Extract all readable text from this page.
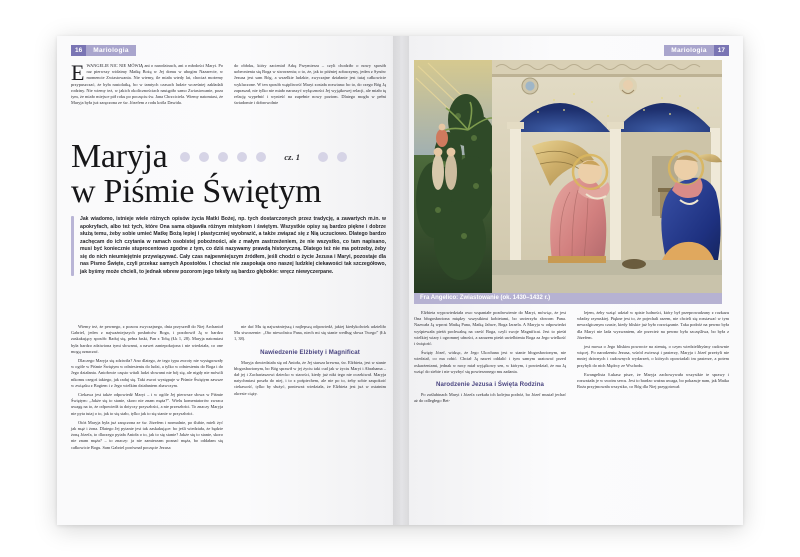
16	Mariologia

EWANGELIE NIC NIE MÓWIĄ ani o narodzinach, ani o młodości Maryi. Po raz pierwszy widzimy Matkę Bożą w Jej domu w ubogim Nazarecie, w momencie Zwiastowania. Nie wiemy, ile miała wtedy lat, chociaż możemy przypuszczać, że była nastolatką, bo w tamtych czasach ludzie wcześniej zakładali rodziny. Nie wiemy też, w jakich okolicznościach nastąpiło samo Zwiastowanie, poza tym, że miało miejsce pół roku po poczęciu św. Jana Chrzciciela. Wiemy natomiast, że Maryja była już zaręczona ze św. Józefem z rodu króla Dawida.

do obłoku, który zacieniał Arkę Przymierza – czyli chodziło o nowy sposób uobecnienia się Boga w stworzeniu; o to, że, jak to później zobaczymy, jeden z Synów Jezusa jest sam Bóg, a wszelkie ludzkie, zwyczajne działanie jest tutaj całkowicie wykluczone. W ten sposób wątpliwość Maryi została rozwiana: bo to, do czego Bóg Ją zapraszał, nie tylko nie miało naruszyć wyłączności Jej wyjątkowej relacji, ale miało tę relację wypełnić i wynieść na zupełnie nowy poziom. Dlatego mogła w pełni świadomie i dobrowolnie

Maryja	cz. 1
w Piśmie Świętym
Jak wiadomo, istnieje wiele różnych opisów życia Matki Bożej, np. tych dostarczonych przez tradycję, a zawartych m.in. w apokryfach, albo też tych, które Ona sama objawiła różnym mistykom i świętym. Wszystkie opisy są bardzo piękne i dobrze służą temu, żeby sobie umieć Matkę Bożą lepiej i plastyczniej wyobrazić, a także związać się z Nią uczuciowo. Dlatego bardzo zachęcam do ich czytania w ramach osobistej pobożności, ale z małym zastrzeżeniem, że nie wszystko, co tam napisano, musi być koniecznie stuprocentowo zgodne z tym, co dziś nazywamy prawdą historyczną. Dlatego też nie ma potrzeby, żeby się do nich nieumiejętnie przywiązywać. Cały czas najpewniejszym źródłem, jeśli chodzi o życie Jezusa i Maryi, pozostaje dla nas Pismo Święte, czyli przekaz samych Apostołów. I chociaż nie zaspokaja ono naszej ludzkiej ciekawości tak szczegółowo, jak byśmy może chcieli, to jednak wbrew pozorom jego teksty są bardzo głębokie: wręcz niewyczerpane.

Wiemy też, że pewnego, z pozoru zwyczajnego, dnia przyszedł do Niej Archanioł Gabriel, jeden z najważniejszych posłańców Boga, i pozdrowił Ją w bardzo zaskakujący sposób: Raduj się, pełna łaski, Pan z Tobą (Łk 1, 28). Maryja natomiast była bardzo zdziwiona tymi słowami, a nawet zaniepokojona i nie wiedziała, co one mogą oznaczać.

Dlaczego Maryja się zdziwiła? Ano dlatego, że tego typu zwroty nie występowały w ogóle w Piśmie Świętym w odniesieniu do ludzi, a tylko w odniesieniu do Boga i do Jego działania. Aniołowie często witali ludzi słowami nie bój się, ale nigdy nie mówili nikomu czegoś takiego, jak raduj się. Taki zwrot występuje w Piśmie Świętym zawsze w związku z Bogiem i z Jego wielkim działaniem zbawczym.

Ciekawa jest także odpowiedź Maryi – i w ogóle Jej pierwsze słowa w Piśmie Świętym: „Jakże się to stanie, skoro nie znam męża?”. Wielu komentatorów zwraca uwagę na to, że odpowiedź ta dotyczy przyszłości, a nie przeszłości. To znaczy Maryja nie pyta tutaj o to, jak to się stało, tylko jak to się stanie w przyszłości.

Otóż Maryja była już zaręczona ze św. Józefem i normalnie, po ślubie, mieli żyć jak mąż i żona. Dlatego Jej pytanie jest tak zaskakujące: bo jeśli wiedziała, że będzie żoną Józefa, to dlaczego pytała Anioła o to, jak to się stanie? Jakże się to stanie, skoro nie znam męża? – to znaczy: ja nie zamierzam poznać męża, bo oddałam się całkowicie Bogu. Sam Gabriel porównał poczęcie Jezusa

nie dać Mu tę najważniejszą i najlepszą odpowiedź, jakiej kiedykolwiek udzieliło Mu stworzenie: „Oto niewolnica Pana, niech mi się stanie według słowa Twego” (Łk 1, 38).

Nawiedzenie Elżbiety i Magnificat

Maryja dowiedziała się od Anioła, że Jej starsza krewna, św. Elżbieta, jest w stanie błogosławionym, bo Bóg sprawił w jej życiu taki cud jak w życiu Maryi i Abrahama – dał jej i Zachariaszowi dziecko w starości, kiedy już nikt tego nie oczekiwał. Maryja natychmiast poszła do niej, i to z pośpiechem, ale nie po to, żeby sobie zaspokoić ciekawość, tylko by służyć, ponieważ wiedziała, że Elżbieta jest już w ostatnim okresie ciąży.

Mariologia	17
Fra Angelico: Zwiastowanie (ok. 1430–1432 r.)

Elżbieta wypowiedziała owo wspaniałe pozdrowienie do Maryi, mówiąc, że jest Ona błogosławiona między wszystkimi kobietami, bo uwierzyła słowom Pana. Nazwała Ją wprost Matką Pana, Matką Jahwe, Boga Izraela. A Maryja w odpowiedzi wyśpiewała pieśń pochwalną na cześć Boga, czyli swoje Magnificat. Jest to pieśń wielkiej wiary i ogromnej ufności, a zarazem pieśń uwielbienia Boga za Jego wielkość i świętość.

Święty Józef, widząc, że Jego Ukochana jest w stanie błogosławionym, nie wiedział, co ma robić. Chciał Ją nawet oddalić i tym samym uratować przed oskarżeniami, jednak w nocy miał wyjątkowy sen, w którym, i powiedział, że ma Ją wziąć do siebie i nie wyzbyć się powierzonego mu zadania.

Narodzenie Jezusa i Święta Rodzina

Po zaślubinach Maryi i Józefa czekała ich kolejna podróż, bo Józef musiał jechać aż do odległego Bet-

lejem, żeby wziąć udział w spisie ludności, który był przeprowadzany z rozkazu władzy rzymskiej. Piękne jest to, że pojechali razem, nie chcieli się rozstawać w tym newralgicznym czasie, kiedy bliskie już było rozwiązanie. Taka podróż na pewno była dla Maryi nie lada wyzwaniem, ale przecież na pewno była szczęśliwa, bo była z Józefem.

jest mowa o Jego bliskim powrocie na ziemię, o czym wiedzielibyśmy cudownie więcej. Po narodzeniu Jezusa, wśród zwierząt i pasterzy, Maryja i Józef przeżyli nie mniej dziwnych i cudownych wydarzeń, o których opowiadali im pasterze, a potem przybyli do nich Mędrcy ze Wschodu.

Ewangelista Łukasz pisze, że Maryja zachowywała wszystkie te sprawy i rozważała je w swoim sercu. Jest to bardzo ważna uwaga, bo pokazuje nam, jak Matka Boża przyjmowała wszystko, co Bóg dla Niej przygotował.
